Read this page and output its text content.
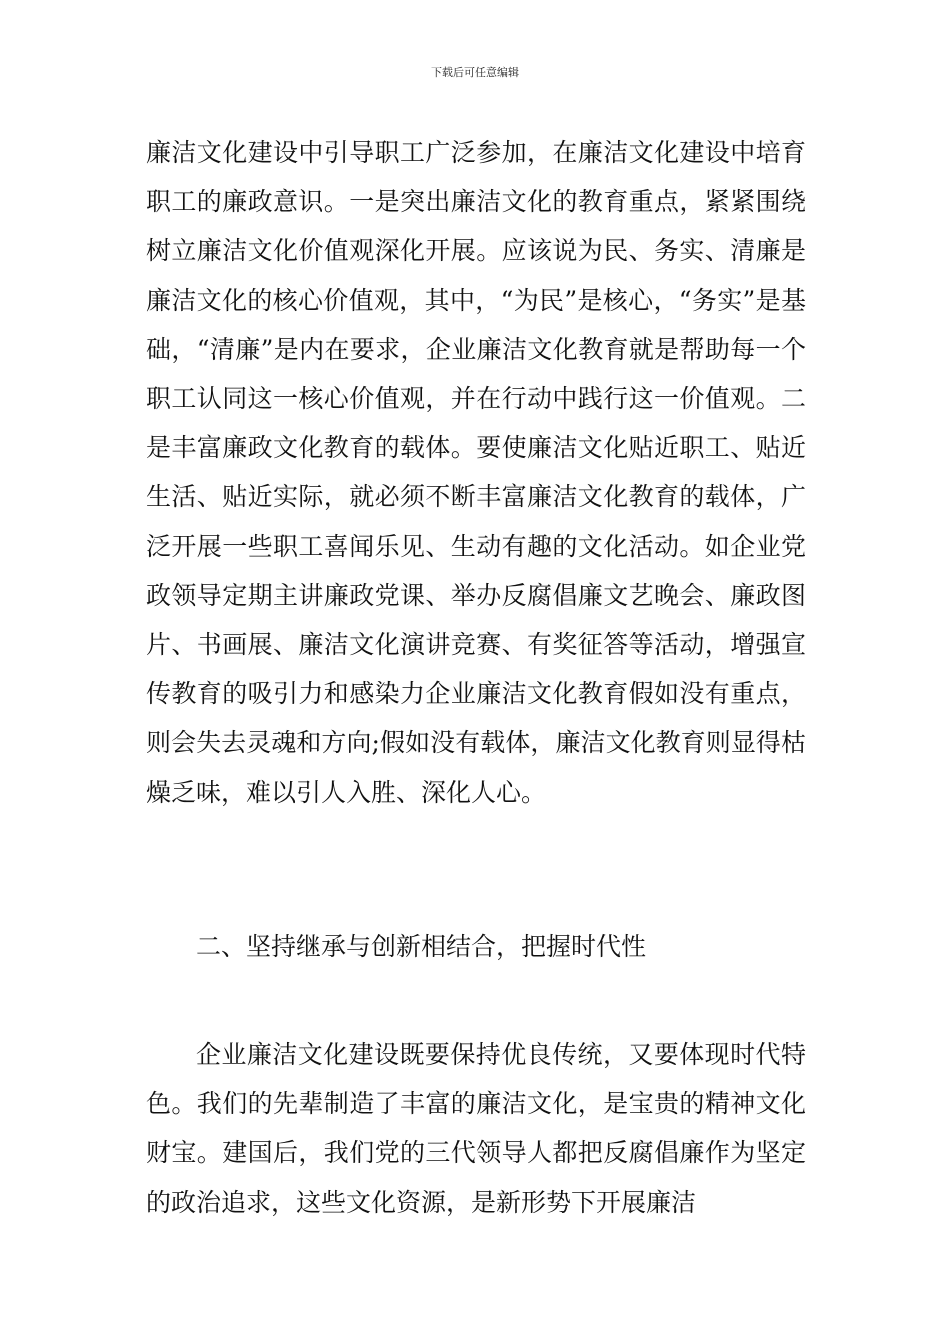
下载后可任意编辑

廉洁文化建设中引导职工广泛参加，在廉洁文化建设中培育职工的廉政意识。一是突出廉洁文化的教育重点，紧紧围绕树立廉洁文化价值观深化开展。应该说为民、务实、清廉是廉洁文化的核心价值观，其中，“为民”是核心，“务实”是基础，“清廉”是内在要求，企业廉洁文化教育就是帮助每一个职工认同这一核心价值观，并在行动中践行这一价值观。二是丰富廉政文化教育的载体。要使廉洁文化贴近职工、贴近生活、贴近实际，就必须不断丰富廉洁文化教育的载体，广泛开展一些职工喜闻乐见、生动有趣的文化活动。如企业党政领导定期主讲廉政党课、举办反腐倡廉文艺晚会、廉政图片、书画展、廉洁文化演讲竞赛、有奖征答等活动，增强宣传教育的吸引力和感染力企业廉洁文化教育假如没有重点，则会失去灵魂和方向;假如没有载体，廉洁文化教育则显得枯燥乏味，难以引人入胜、深化人心。

二、坚持继承与创新相结合，把握时代性

企业廉洁文化建设既要保持优良传统，又要体现时代特色。我们的先辈制造了丰富的廉洁文化，是宝贵的精神文化财宝。建国后，我们党的三代领导人都把反腐倡廉作为坚定的政治追求，这些文化资源，是新形势下开展廉洁
